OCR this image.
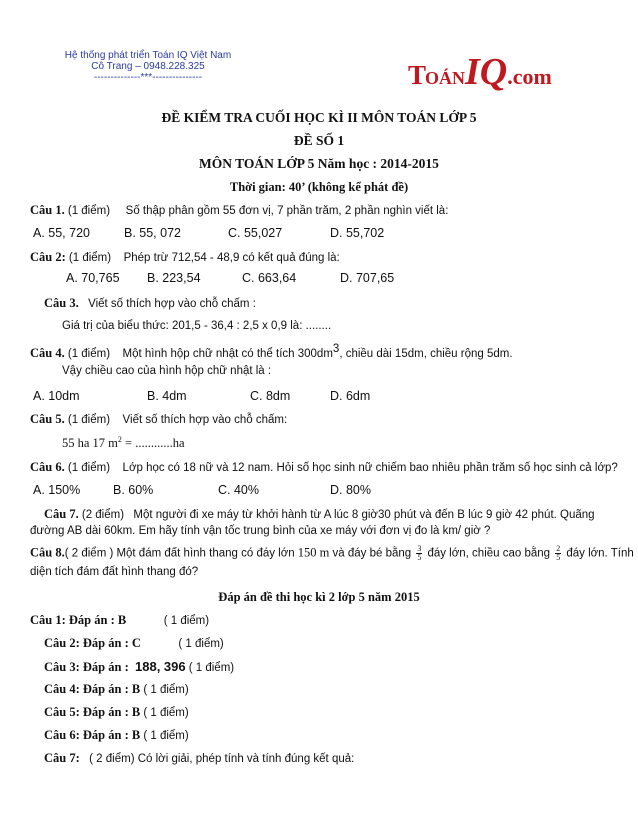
Hệ thống phát triển Toán IQ Việt Nam
Cô Trang – 0948.228.325
--------------***---------------	TOÁNIQ.com
ĐỀ KIỂM TRA CUỐI HỌC KÌ II MÔN TOÁN LỚP 5
ĐỀ SỐ 1
MÔN TOÁN LỚP 5 Năm học : 2014-2015
Thời gian: 40’ (không kể phát đề)
Câu 1. (1 điểm) Số thập phân gồm 55 đơn vị, 7 phần trăm, 2 phần nghìn viết là:
A. 55, 720	B. 55, 072	C. 55,027	D. 55,702
Câu 2: (1 điểm) Phép trừ 712,54 - 48,9 có kết quả đúng là:
A. 70,765 B. 223,54	C. 663,64	D. 707,65
Câu 3. Viết số thích hợp vào chỗ chấm :
Giá trị của biểu thức: 201,5 - 36,4 : 2,5 x 0,9 là: ........
Câu 4. (1 điểm) Một hình hộp chữ nhật có thể tích $300dm^3$, chiều dài 15dm, chiều rộng 5dm.
Vậy chiều cao của hình hộp chữ nhật là :
A. 10dm	B. 4dm	C. 8dm	D. 6dm
Câu 5. (1 điểm) Viết số thích hợp vào chỗ chấm:
55 ha 17 $m^2 = ............ha$
Câu 6. (1 điểm) Lớp học có 18 nữ và 12 nam. Hỏi số học sinh nữ chiếm bao nhiêu phần trăm số học sinh cả lớp?
A. 150%	B. 60%	C. 40%	D. 80%
Câu 7. (2 điểm) Một người đi xe máy từ khởi hành từ A lúc 8 giờ30 phút và đến B lúc 9 giờ 42 phút. Quãng
đường AB dài 60km. Em hãy tính vận tốc trung bình của xe máy với đơn vị đo là km/ giờ ?
Câu 8.( 2 điểm ) Một đám đất hình thang có đáy lớn 150 m và đáy bé bằng $\frac{3}{5}$ đáy lớn, chiều cao bằng $\frac{2}{5}$ đáy lớn. Tính
diện tích đám đất hình thang đó?
Đáp án đề thi học kì 2 lớp 5 năm 2015
Câu 1: Đáp án : B	( 1 điểm)
Câu 2: Đáp án : C	( 1 điểm)
Câu 3: Đáp án : 188, 396 ( 1 điểm)
Câu 4: Đáp án : B ( 1 điểm)
Câu 5: Đáp án : B ( 1 điểm)
Câu 6: Đáp án : B ( 1 điểm)
Câu 7: ( 2 điểm) Có lời giải, phép tính và tính đúng kết quả:
